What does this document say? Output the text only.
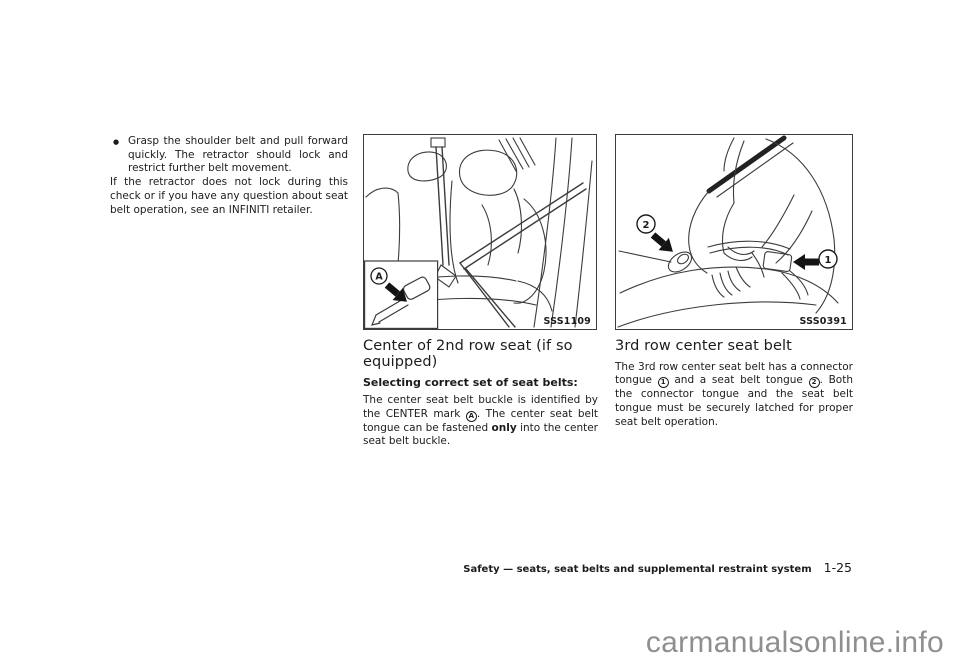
● Grasp the shoulder belt and pull forward quickly. The retractor should lock and restrict further belt movement.
If the retractor does not lock during this check or if you have any question about seat belt operation, see an INFINITI retailer.
A
SSS1109
2
1
SSS0391
Center of 2nd row seat (if so equipped)
Selecting correct set of seat belts:

The center seat belt buckle is identified by the CENTER mark A . The center seat belt tongue can be fastened only into the center seat belt buckle.

3rd row center seat belt

The 3rd row center seat belt has a connector tongue 1 and a seat belt tongue 2 . Both the connector tongue and the seat belt tongue must be securely latched for proper seat belt operation.

Safety — seats, seat belts and supplemental restraint system 1-25
carmanualsonline.info
